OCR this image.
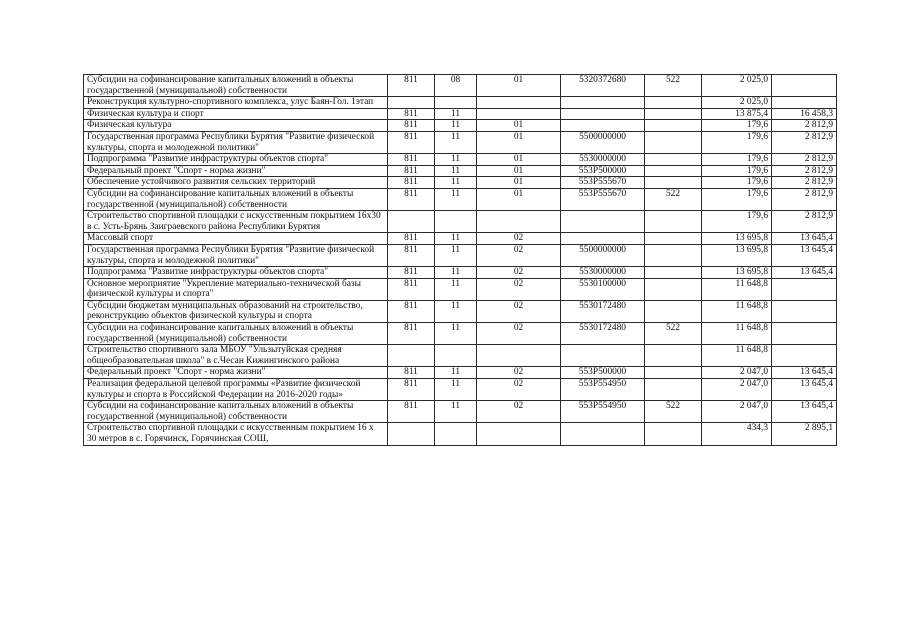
Субсидии на софинансирование капитальных вложений в объекты государственной (муниципальной) собственности	811	08	01	5320372680	522	2 025,0	
Реконструкция культурно-спортивного комплекса, улус Баян-Гол. 1этап						2 025,0	
Физическая культура и спорт	811	11				13 875,4	16 458,3
Физическая культура	811	11	01			179,6	2 812,9
Государственная программа Республики Бурятия "Развитие физической культуры, спорта и молодежной политики"	811	11	01	5500000000		179,6	2 812,9
Подпрограмма "Развитие инфраструктуры объектов спорта"	811	11	01	5530000000		179,6	2 812,9
Федеральный проект "Спорт - норма жизни"	811	11	01	553P500000		179,6	2 812,9
Обеспечение устойчивого развития сельских территорий	811	11	01	553P555670		179,6	2 812,9
Субсидии на софинансирование капитальных вложений в объекты государственной (муниципальной) собственности	811	11	01	553P555670	522	179,6	2 812,9
Строительство спортивной площадки с искусственным покрытием 16х30 в с. Усть-Брянь Заиграевского района Республики Бурятия						179,6	2 812,9
Массовый спорт	811	11	02			13 695,8	13 645,4
Государственная программа Республики Бурятия "Развитие физической культуры, спорта и молодежной политики"	811	11	02	5500000000		13 695,8	13 645,4
Подпрограмма "Развитие инфраструктуры объектов спорта"	811	11	02	5530000000		13 695,8	13 645,4
Основное мероприятие "Укрепление материально-технической базы физической культуры и спорта"	811	11	02	5530100000		11 648,8	
Субсидии бюджетам муниципальных образований на строительство, реконструкцию объектов физической культуры и спорта	811	11	02	5530172480		11 648,8	
Субсидии на софинансирование капитальных вложений в объекты государственной (муниципальной) собственности	811	11	02	5530172480	522	11 648,8	
Строительство спортивного зала МБОУ "Ульзытуйская средняя общеобразовательная школа" в с.Чесан Кижингинского района						11 648,8	
Федеральный проект "Спорт - норма жизни"	811	11	02	553P500000		2 047,0	13 645,4
Реализация федеральной целевой программы «Развитие физической культуры и спорта в Российской Федерации на 2016-2020 годы»	811	11	02	553P554950		2 047,0	13 645,4
Субсидии на софинансирование капитальных вложений в объекты государственной (муниципальной) собственности	811	11	02	553P554950	522	2 047,0	13 645,4
Строительство спортивной площадки с искусственным покрытием 16 х 30 метров в с. Горячинск, Горячинская СОШ,						434,3	2 895,1
